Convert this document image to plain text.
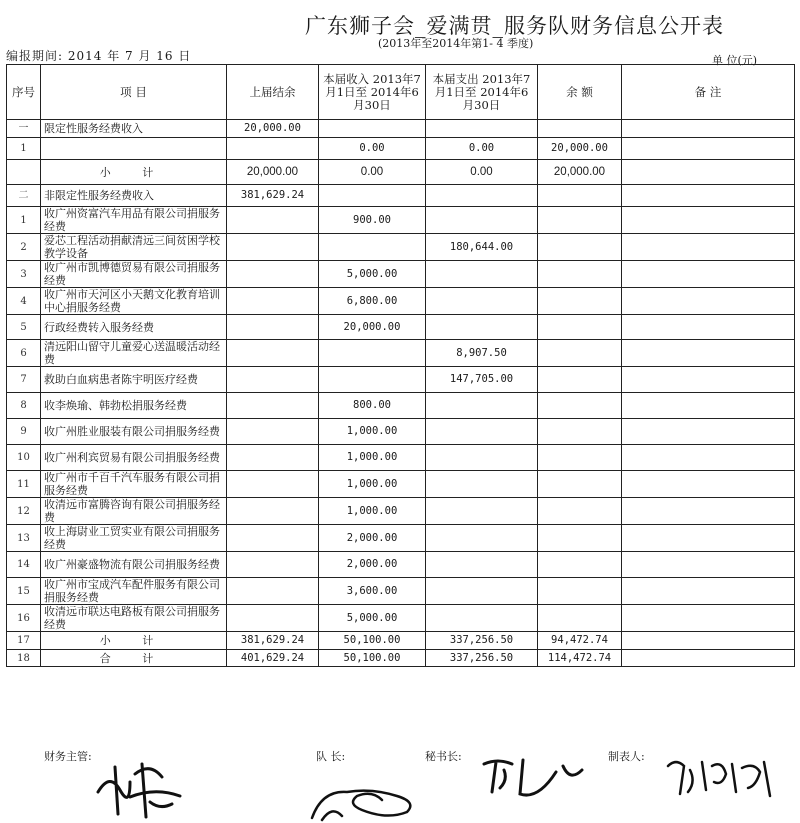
广东狮子会_爱满贯_服务队财务信息公开表
(2013年至2014年第1- 4 季度)
编报期间: 2014 年 7 月 16 日	单 位(元)
序号	项 目	上届结余	本届收入 2013年7月1日至 2014年6月30日	本届支出 2013年7月1日至 2014年6月30日	余 额	备 注
一	限定性服务经费收入	20,000.00				
1			0.00	0.00	20,000.00	
	小 计	20,000.00	0.00	0.00	20,000.00	
二	非限定性服务经费收入	381,629.24				
1	收广州资富汽车用品有限公司捐服务经费		900.00			
2	爱芯工程活动捐献清远三间贫困学校教学设备			180,644.00		
3	收广州市凯博德贸易有限公司捐服务经费		5,000.00			
4	收广州市天河区小天鹅文化教育培训中心捐服务经费		6,800.00			
5	行政经费转入服务经费		20,000.00			
6	清远阳山留守儿童爱心送温暖活动经费			8,907.50		
7	救助白血病患者陈宇明医疗经费			147,705.00		
8	收李焕瑜、韩勃松捐服务经费		800.00			
9	收广州胜业服装有限公司捐服务经费		1,000.00			
10	收广州利宾贸易有限公司捐服务经费		1,000.00			
11	收广州市千百千汽车服务有限公司捐服务经费		1,000.00			
12	收清远市富腾咨询有限公司捐服务经费		1,000.00			
13	收上海尉业工贸实业有限公司捐服务经费		2,000.00			
14	收广州豪盛物流有限公司捐服务经费		2,000.00			
15	收广州市宝成汽车配件服务有限公司捐服务经费		3,600.00			
16	收清远市联达电路板有限公司捐服务经费		5,000.00			
17	小 计	381,629.24	50,100.00	337,256.50	94,472.74	
18	合 计	401,629.24	50,100.00	337,256.50	114,472.74	
财务主管:	队 长:	秘书长:	制表人:
